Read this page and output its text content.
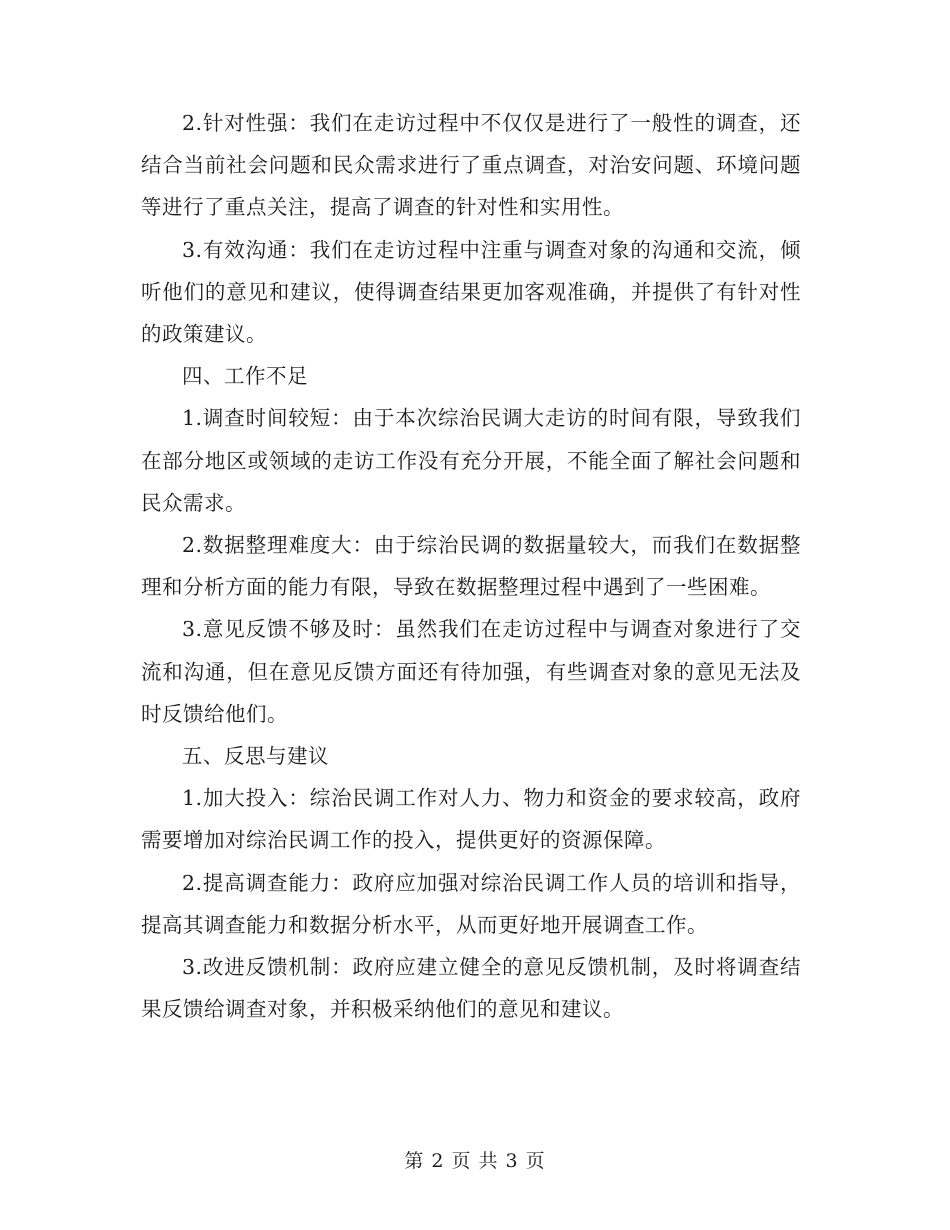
2.针对性强：我们在走访过程中不仅仅是进行了一般性的调查，还结合当前社会问题和民众需求进行了重点调查，对治安问题、环境问题等进行了重点关注，提高了调查的针对性和实用性。

3.有效沟通：我们在走访过程中注重与调查对象的沟通和交流，倾听他们的意见和建议，使得调查结果更加客观准确，并提供了有针对性的政策建议。

四、工作不足

1.调查时间较短：由于本次综治民调大走访的时间有限，导致我们在部分地区或领域的走访工作没有充分开展，不能全面了解社会问题和民众需求。

2.数据整理难度大：由于综治民调的数据量较大，而我们在数据整理和分析方面的能力有限，导致在数据整理过程中遇到了一些困难。

3.意见反馈不够及时：虽然我们在走访过程中与调查对象进行了交流和沟通，但在意见反馈方面还有待加强，有些调查对象的意见无法及时反馈给他们。

五、反思与建议

1.加大投入：综治民调工作对人力、物力和资金的要求较高，政府需要增加对综治民调工作的投入，提供更好的资源保障。

2.提高调查能力：政府应加强对综治民调工作人员的培训和指导，提高其调查能力和数据分析水平，从而更好地开展调查工作。

3.改进反馈机制：政府应建立健全的意见反馈机制，及时将调查结果反馈给调查对象，并积极采纳他们的意见和建议。

第 2 页 共 3 页
